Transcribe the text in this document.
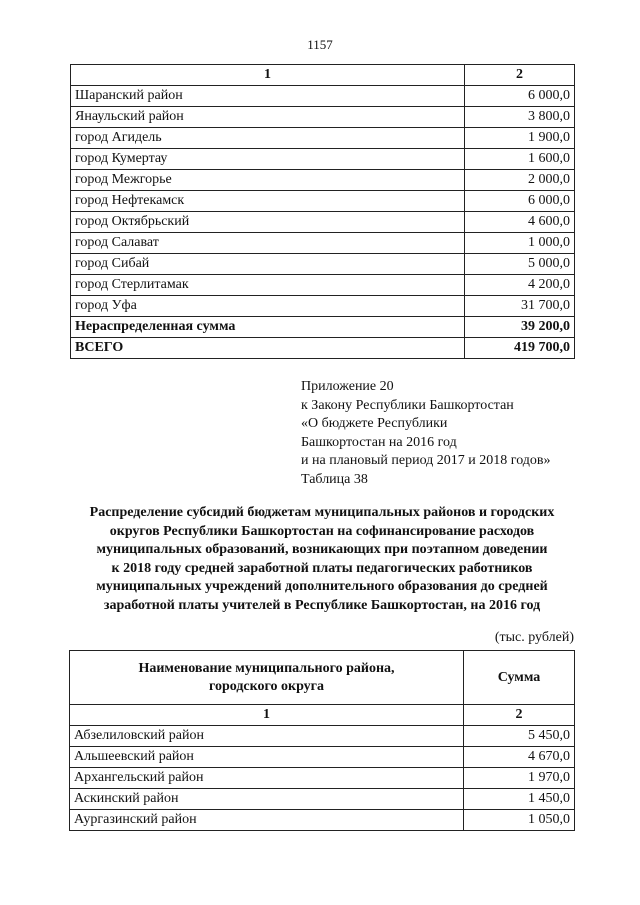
1157
1	2
Шаранский район	6 000,0
Янаульский район	3 800,0
город Агидель	1 900,0
город Кумертау	1 600,0
город Межгорье	2 000,0
город Нефтекамск	6 000,0
город Октябрьский	4 600,0
город Салават	1 000,0
город Сибай	5 000,0
город Стерлитамак	4 200,0
город Уфа	31 700,0
Нераспределенная сумма	39 200,0
ВСЕГО	419 700,0
Приложение 20
к Закону Республики Башкортостан
«О бюджете Республики
Башкортостан на 2016 год
и на плановый период 2017 и 2018 годов»
Таблица 38
Распределение субсидий бюджетам муниципальных районов и городских
округов Республики Башкортостан на софинансирование расходов
муниципальных образований, возникающих при поэтапном доведении
к 2018 году средней заработной платы педагогических работников
муниципальных учреждений дополнительного образования до средней
заработной платы учителей в Республике Башкортостан, на 2016 год
(тыс. рублей)
Наименование муниципального района,
городского округа	Сумма
1	2
Абзелиловский район	5 450,0
Альшеевский район	4 670,0
Архангельский район	1 970,0
Аскинский район	1 450,0
Аургазинский район	1 050,0
